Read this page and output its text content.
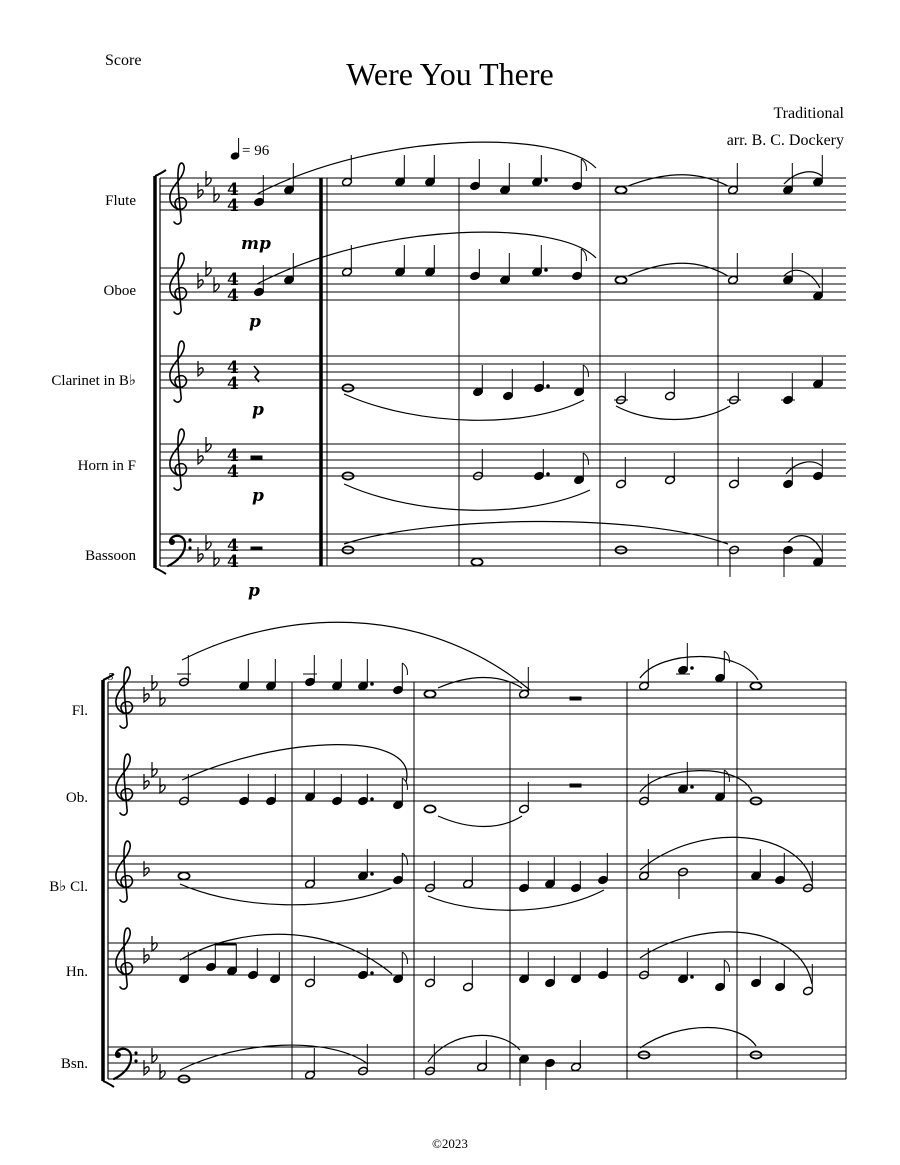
Score	Were You There
Traditional
arr. B. C. Dockery
= 96
Flute
Oboe
Clarinet in B♭
Horn in F
Bassoon
mp
p
p
p
p
5
Fl.
Ob.
B♭ Cl.
Hn.
Bsn.
©2023
4
4
4
4
4
4
4
4
4
4
